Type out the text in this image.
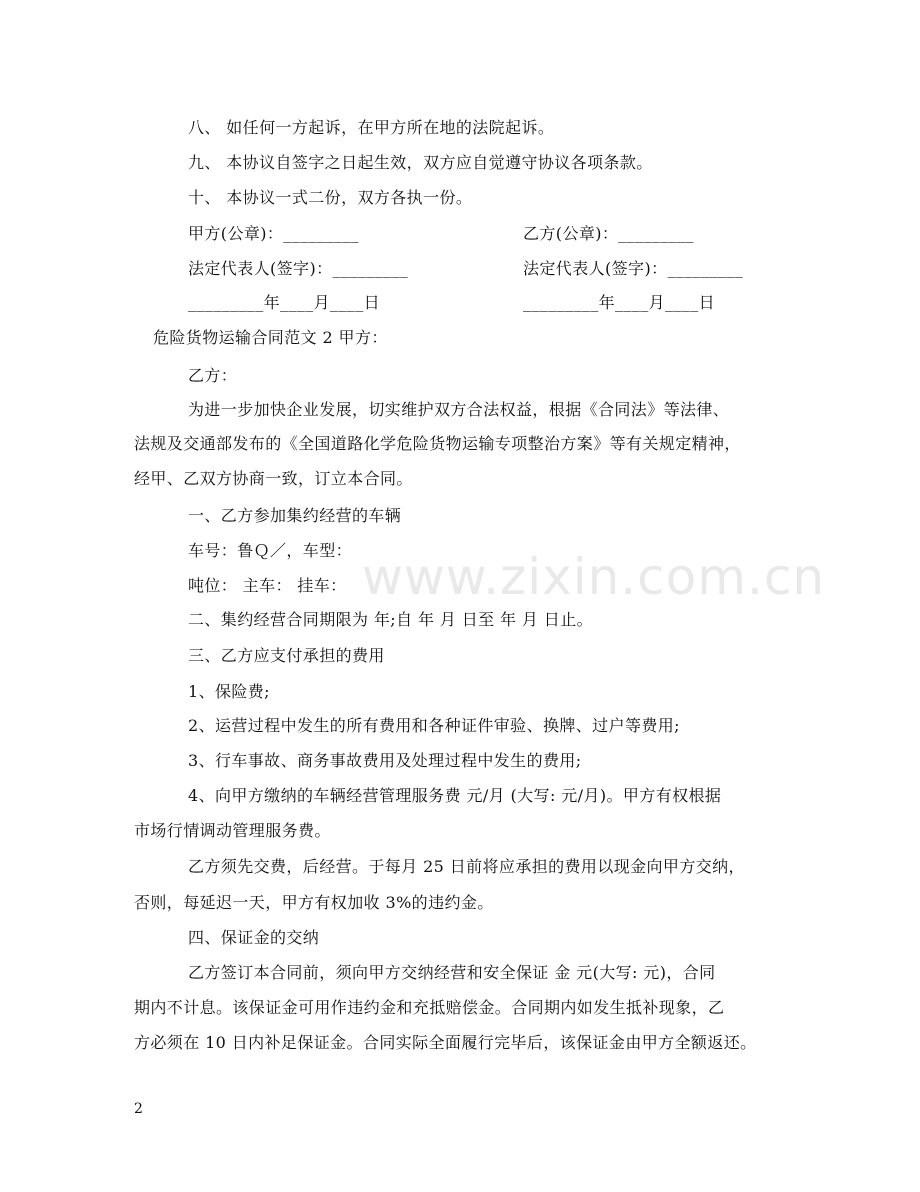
www.zixin.com.cn
八、 如任何一方起诉，在甲方所在地的法院起诉。
九、 本协议自签字之日起生效，双方应自觉遵守协议各项条款。
十、 本协议一式二份，双方各执一份。
甲方(公章)：_________	乙方(公章)：_________
法定代表人(签字)：_________	法定代表人(签字)：_________
_________年____月____日	_________年____月____日
危险货物运输合同范文 2 甲方：
乙方：
为进一步加快企业发展，切实维护双方合法权益，根据《合同法》等法律、
法规及交通部发布的《全国道路化学危险货物运输专项整治方案》等有关规定精神，
经甲、乙双方协商一致，订立本合同。
一、乙方参加集约经营的车辆
车号：鲁Ｑ／，车型：
吨位： 主车： 挂车：
二、集约经营合同期限为 年;自 年 月 日至 年 月 日止。
三、乙方应支付承担的费用
1、保险费;
2、运营过程中发生的所有费用和各种证件审验、换牌、过户等费用;
3、行车事故、商务事故费用及处理过程中发生的费用;
4、向甲方缴纳的车辆经营管理服务费 元/月 (大写: 元/月)。甲方有权根据
市场行情调动管理服务费。
乙方须先交费，后经营。于每月 25 日前将应承担的费用以现金向甲方交纳，
否则，每延迟一天，甲方有权加收 3%的违约金。
四、保证金的交纳
乙方签订本合同前，须向甲方交纳经营和安全保证 金 元(大写: 元)，合同
期内不计息。该保证金可用作违约金和充抵赔偿金。合同期内如发生抵补现象，乙
方必须在 10 日内补足保证金。合同实际全面履行完毕后，该保证金由甲方全额返还。
2
